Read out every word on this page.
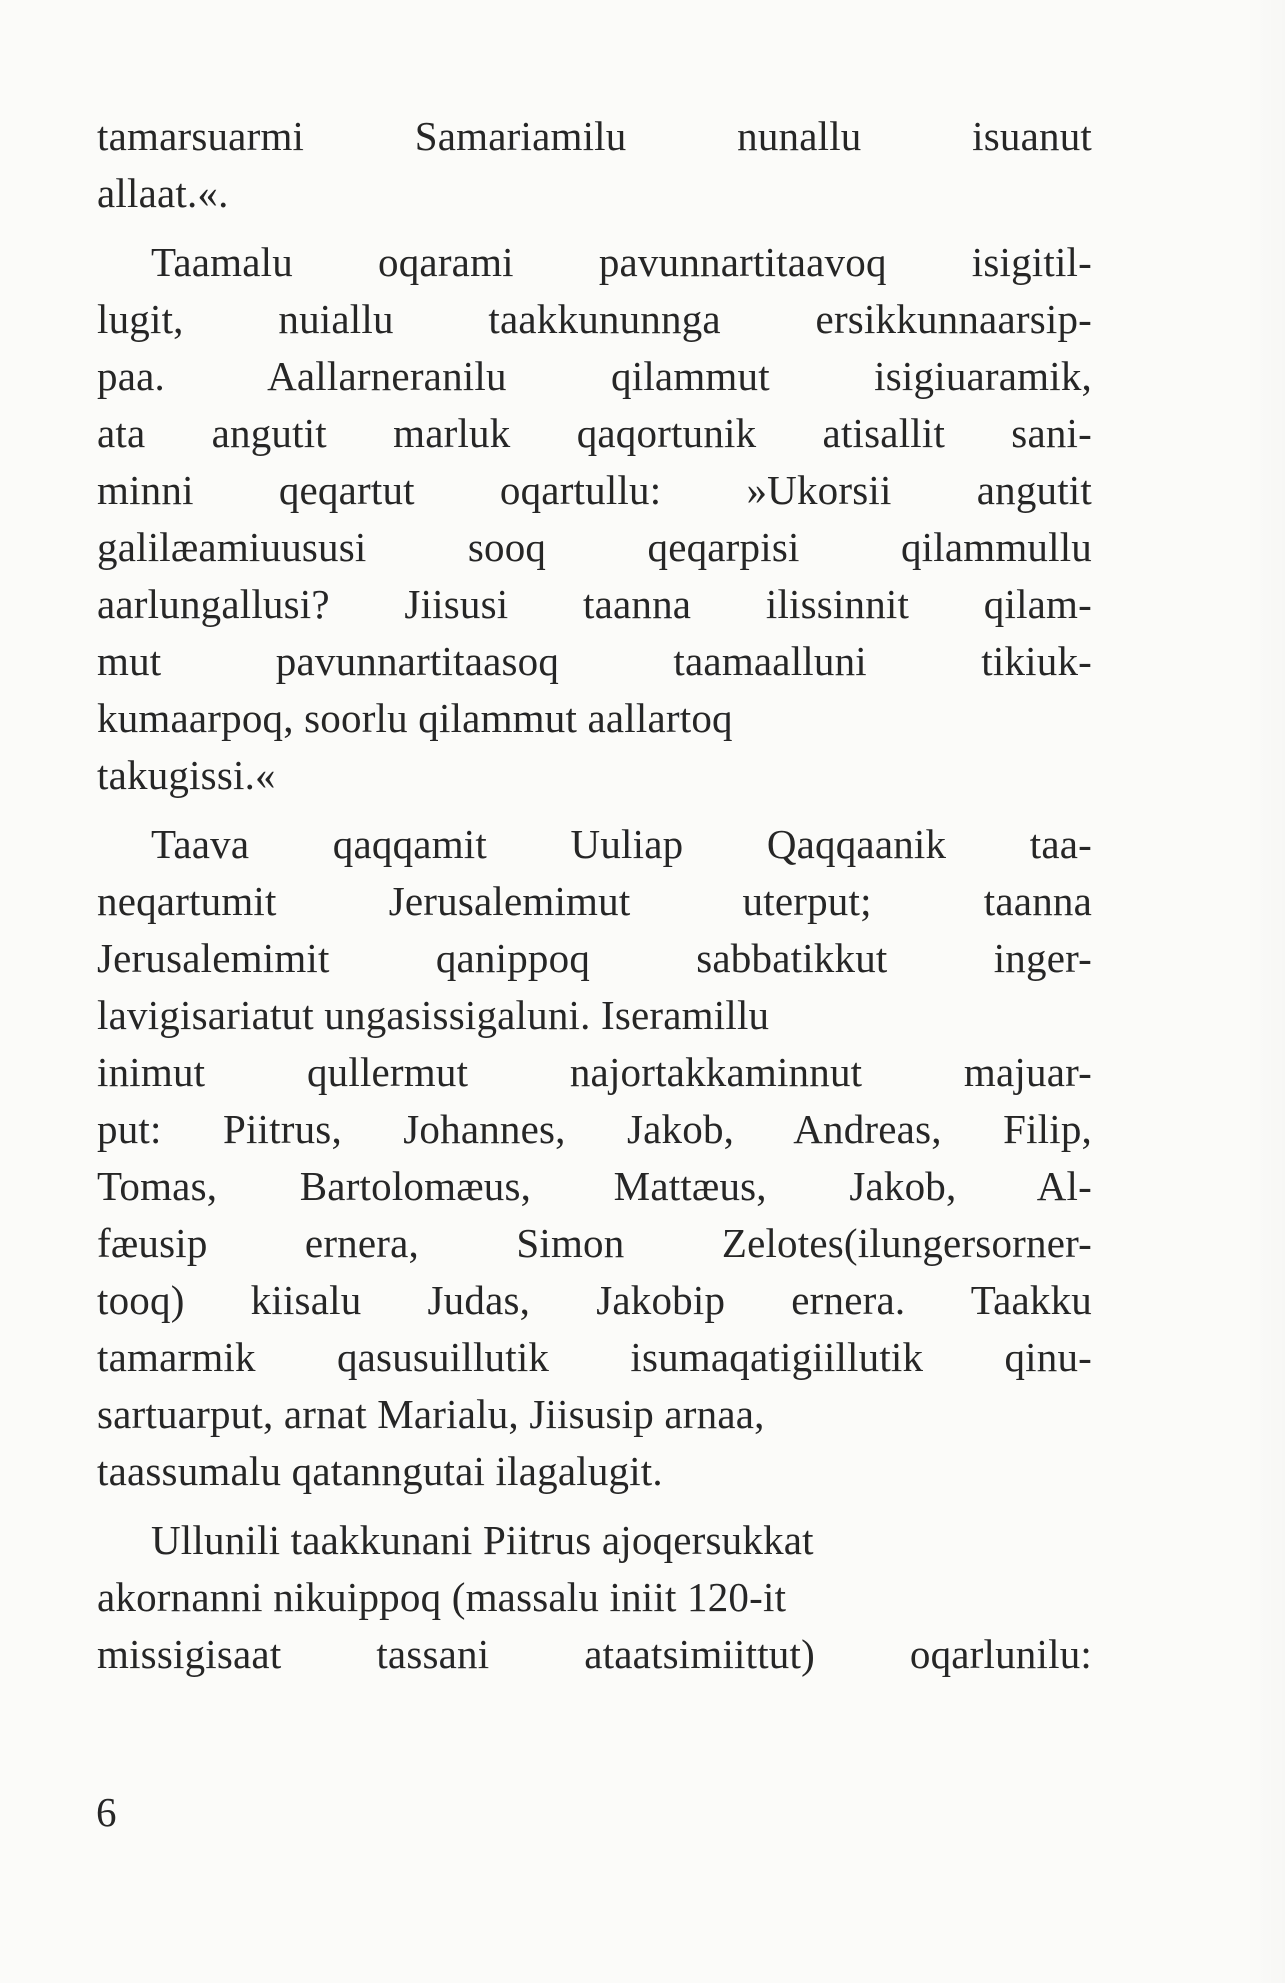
tamarsuarmi Samariamilu nunallu isuanut
allaat.«.
Taamalu oqarami pavunnartitaavoq isigitil-
lugit, nuiallu taakkununnga ersikkunnaarsip-
paa. Aallarneranilu qilammut isigiuaramik,
ata angutit marluk qaqortunik atisallit sani-
minni qeqartut oqartullu: »Ukorsii angutit
galilæamiuususi sooq qeqarpisi qilammullu
aarlungallusi? Jiisusi taanna ilissinnit qilam-
mut pavunnartitaasoq taamaalluni tikiuk-
kumaarpoq, soorlu qilammut aallartoq
takugissi.«
Taava qaqqamit Uuliap Qaqqaanik taa-
neqartumit Jerusalemimut uterput; taanna
Jerusalemimit qanippoq sabbatikkut inger-
lavigisariatut ungasissigaluni. Iseramillu
inimut qullermut najortakkaminnut majuar-
put: Piitrus, Johannes, Jakob, Andreas, Filip,
Tomas, Bartolomæus, Mattæus, Jakob, Al-
fæusip ernera, Simon Zelotes(ilungersorner-
tooq) kiisalu Judas, Jakobip ernera. Taakku
tamarmik qasusuillutik isumaqatigiillutik qinu-
sartuarput, arnat Marialu, Jiisusip arnaa,
taassumalu qatanngutai ilagalugit.
Ullunili taakkunani Piitrus ajoqersukkat
akornanni nikuippoq (massalu iniit 120-it
missigisaat tassani ataatsimiittut) oqarlunilu:
6
